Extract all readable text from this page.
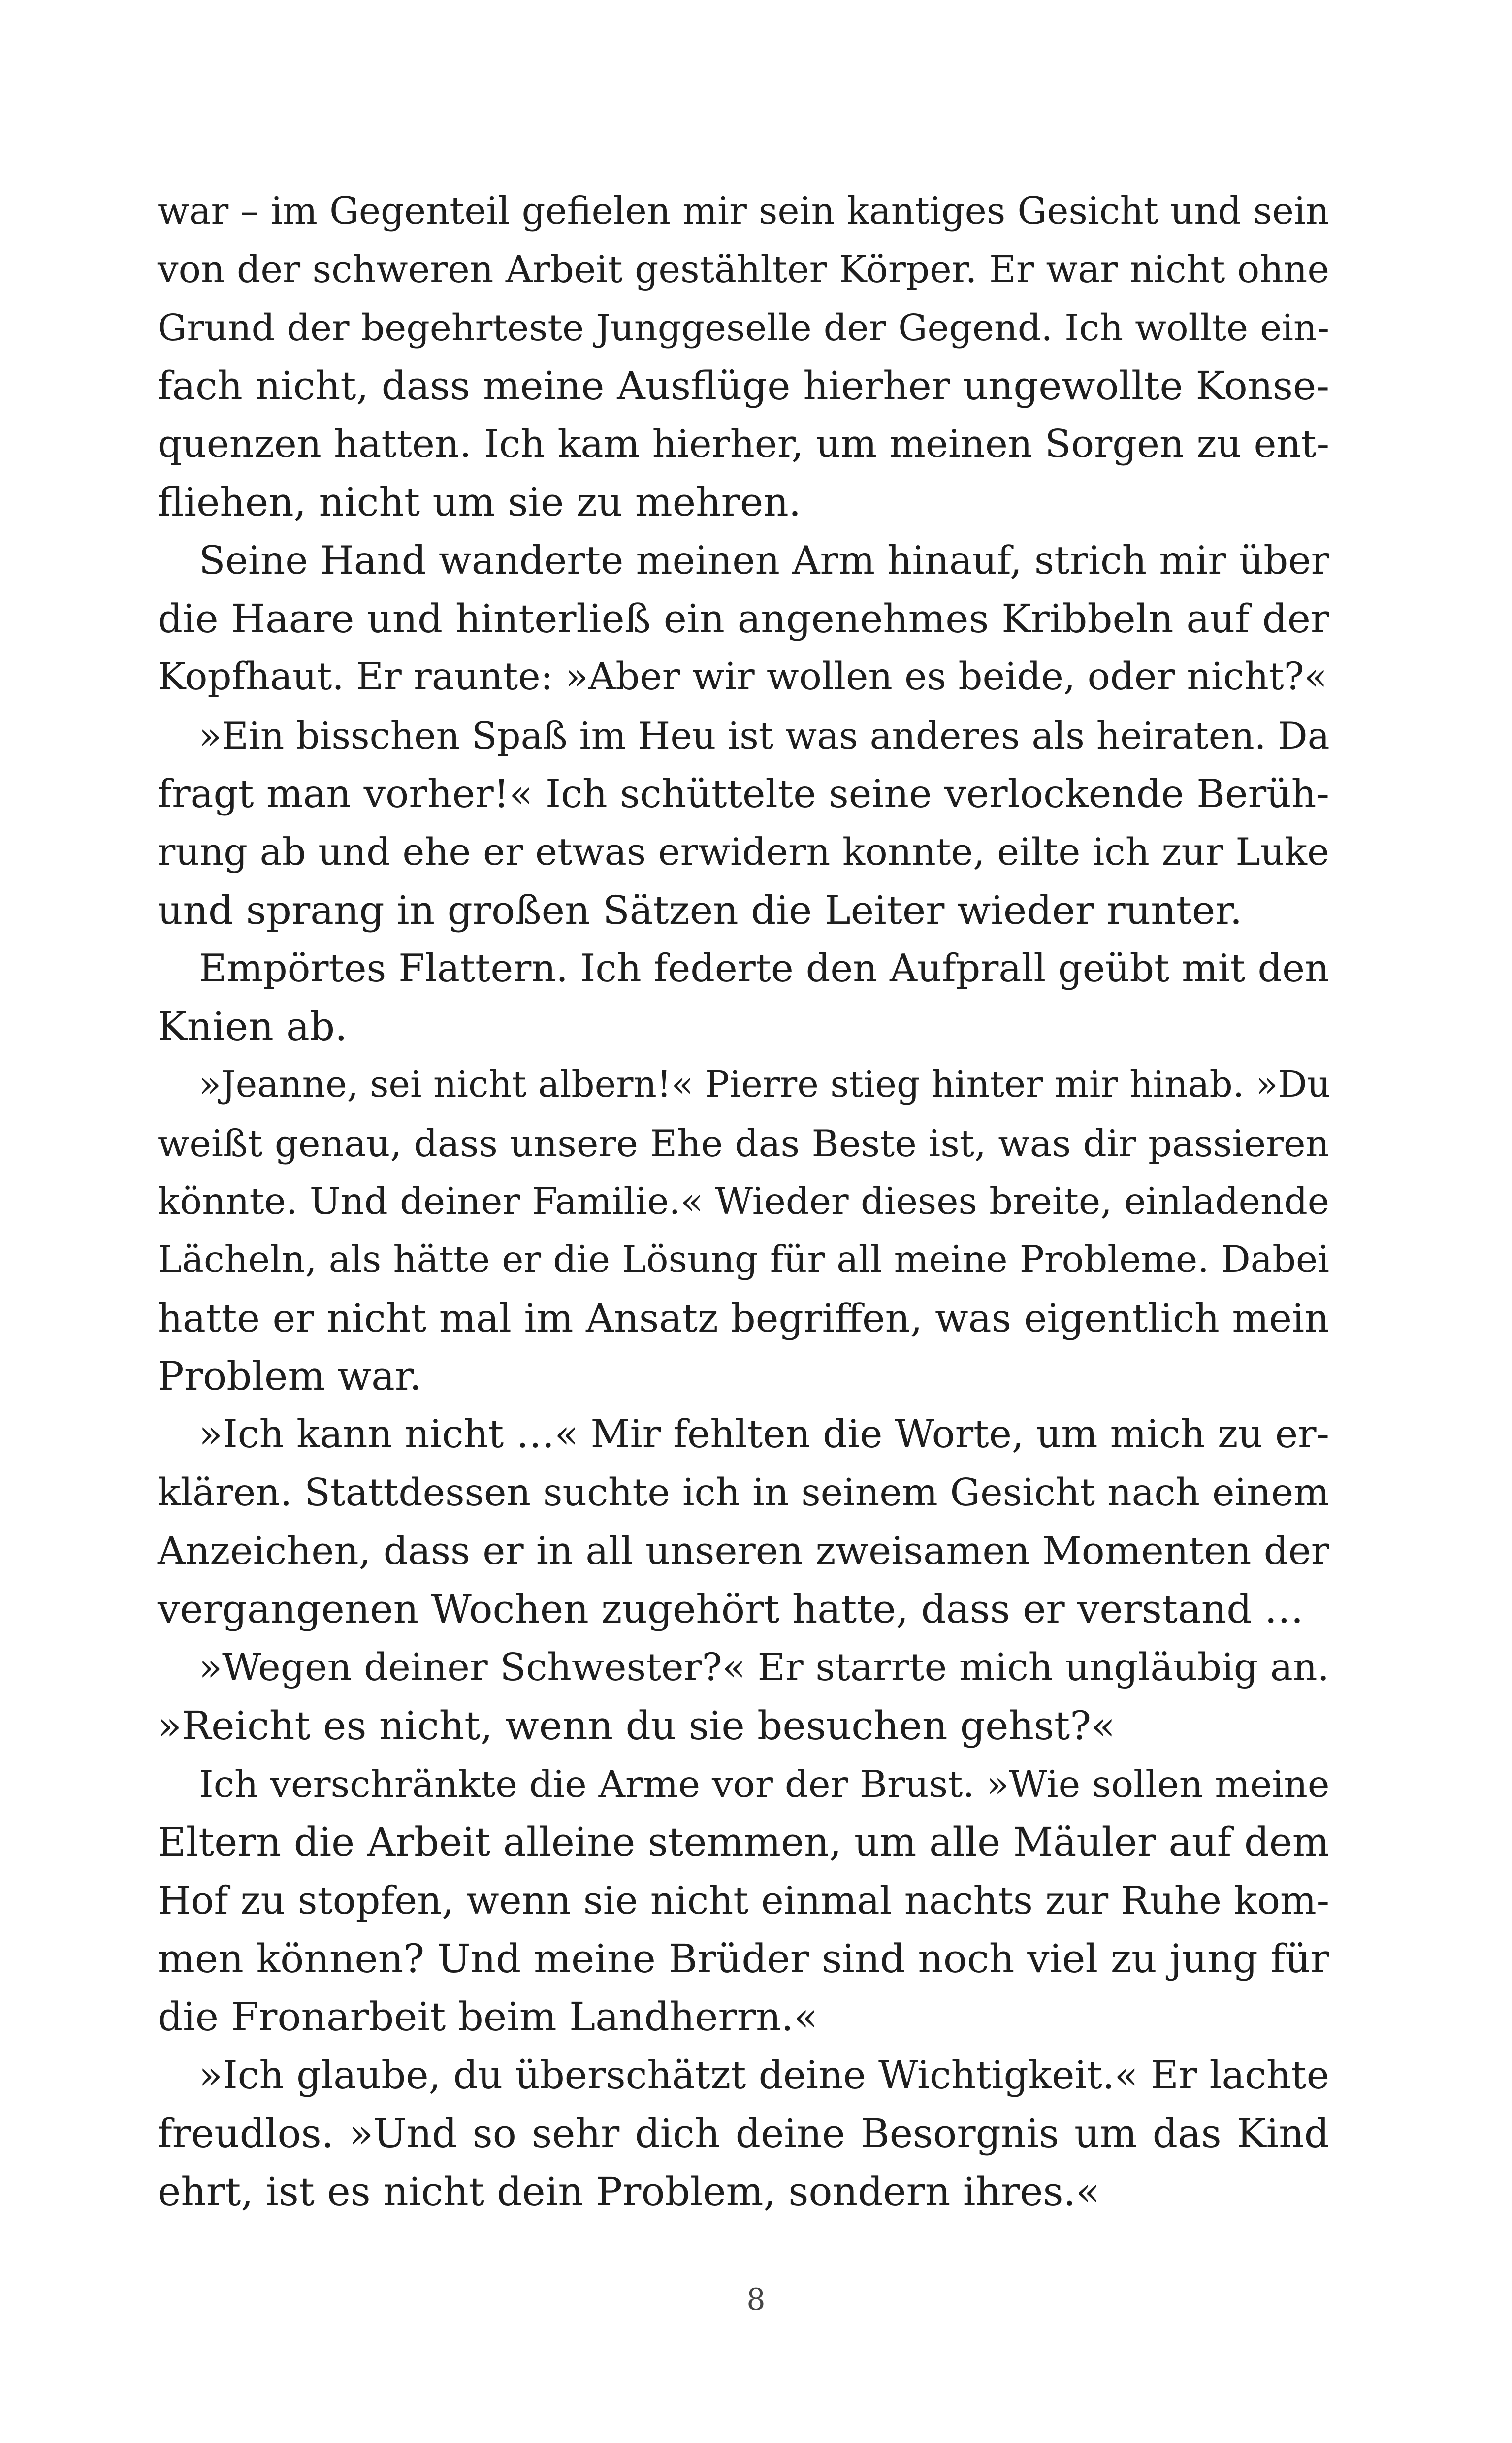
war – im Gegenteil gefielen mir sein kantiges Gesicht und sein
von der schweren Arbeit gestählter Körper. Er war nicht ohne
Grund der begehrteste Junggeselle der Gegend. Ich wollte ein-
fach nicht, dass meine Ausflüge hierher ungewollte Konse-
quenzen hatten. Ich kam hierher, um meinen Sorgen zu ent-
fliehen, nicht um sie zu mehren.
Seine Hand wanderte meinen Arm hinauf, strich mir über
die Haare und hinterließ ein angenehmes Kribbeln auf der
Kopfhaut. Er raunte: »Aber wir wollen es beide, oder nicht?«
»Ein bisschen Spaß im Heu ist was anderes als heiraten. Da
fragt man vorher!« Ich schüttelte seine verlockende Berüh-
rung ab und ehe er etwas erwidern konnte, eilte ich zur Luke
und sprang in großen Sätzen die Leiter wieder runter.
Empörtes Flattern. Ich federte den Aufprall geübt mit den
Knien ab.
»Jeanne, sei nicht albern!« Pierre stieg hinter mir hinab. »Du
weißt genau, dass unsere Ehe das Beste ist, was dir passieren
könnte. Und deiner Familie.« Wieder dieses breite, einladende
Lächeln, als hätte er die Lösung für all meine Probleme. Dabei
hatte er nicht mal im Ansatz begriffen, was eigentlich mein
Problem war.
»Ich kann nicht …« Mir fehlten die Worte, um mich zu er-
klären. Stattdessen suchte ich in seinem Gesicht nach einem
Anzeichen, dass er in all unseren zweisamen Momenten der
vergangenen Wochen zugehört hatte, dass er verstand …
»Wegen deiner Schwester?« Er starrte mich ungläubig an.
»Reicht es nicht, wenn du sie besuchen gehst?«
Ich verschränkte die Arme vor der Brust. »Wie sollen meine
Eltern die Arbeit alleine stemmen, um alle Mäuler auf dem
Hof zu stopfen, wenn sie nicht einmal nachts zur Ruhe kom-
men können? Und meine Brüder sind noch viel zu jung für
die Fronarbeit beim Landherrn.«
»Ich glaube, du überschätzt deine Wichtigkeit.« Er lachte
freudlos. »Und so sehr dich deine Besorgnis um das Kind
ehrt, ist es nicht dein Problem, sondern ihres.«
8
